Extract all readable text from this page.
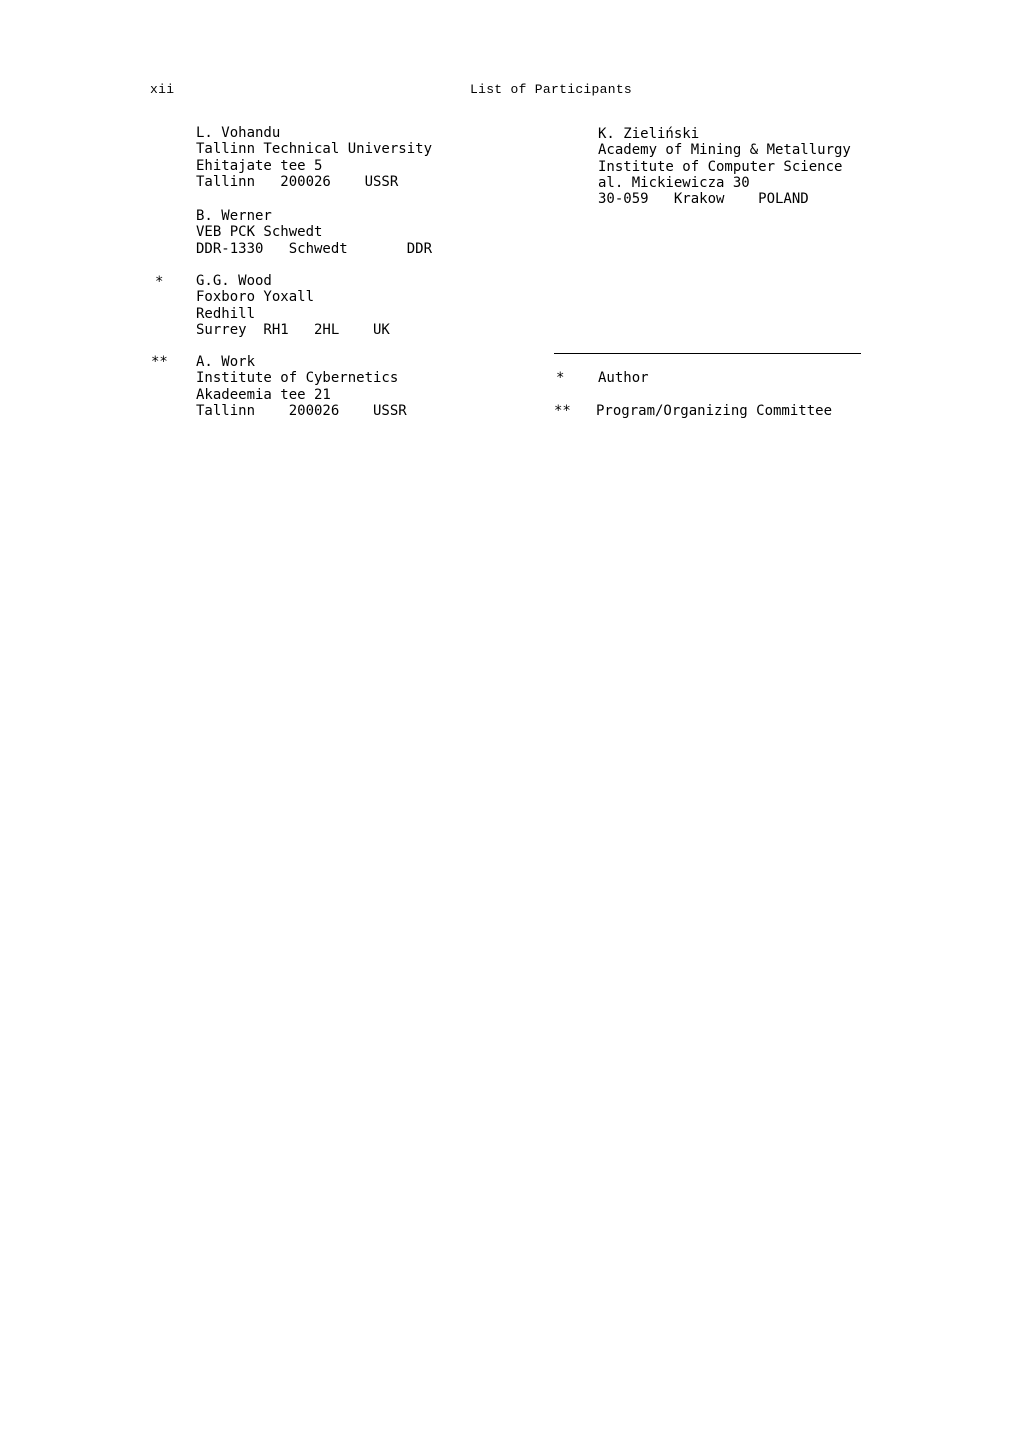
xii	List of Participants
L. Vohandu
Tallinn Technical University
Ehitajate tee 5
Tallinn   200026    USSR
B. Werner
VEB PCK Schwedt
DDR-1330   Schwedt       DDR
* G.G. Wood
Foxboro Yoxall
Redhill
Surrey  RH1   2HL    UK
** A. Work
Institute of Cybernetics
Akadeemia tee 21
Tallinn    200026    USSR
K. Zieliński
Academy of Mining & Metallurgy
Institute of Computer Science
al. Mickiewicza 30
30-059   Krakow    POLAND

*

Author

**

Program/Organizing Committee
